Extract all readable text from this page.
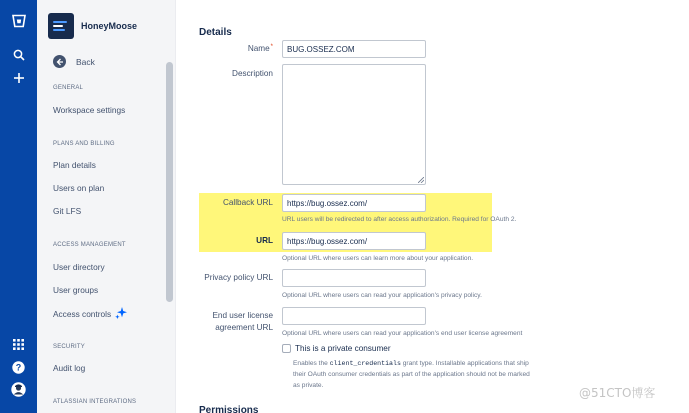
?
HoneyMoose
Back
GENERAL
Workspace settings
PLANS AND BILLING
Plan details
Users on plan
Git LFS
ACCESS MANAGEMENT
User directory
User groups
Access controls
SECURITY
Audit log
ATLASSIAN INTEGRATIONS
Details
Name*	BUG.OSSEZ.COM
Description
Callback URL	https://bug.ossez.com/
URL users will be redirected to after access authorization. Required for OAuth 2.
URL	https://bug.ossez.com/
Optional URL where users can learn more about your application.
Privacy policy URL
Optional URL where users can read your application's privacy policy.
End user license
agreement URL
Optional URL where users can read your application's end user license agreement
This is a private consumer
Enables the client_credentials grant type. Installable applications that ship
their OAuth consumer credentials as part of the application should not be marked
as private.
Permissions
@51CTO博客
